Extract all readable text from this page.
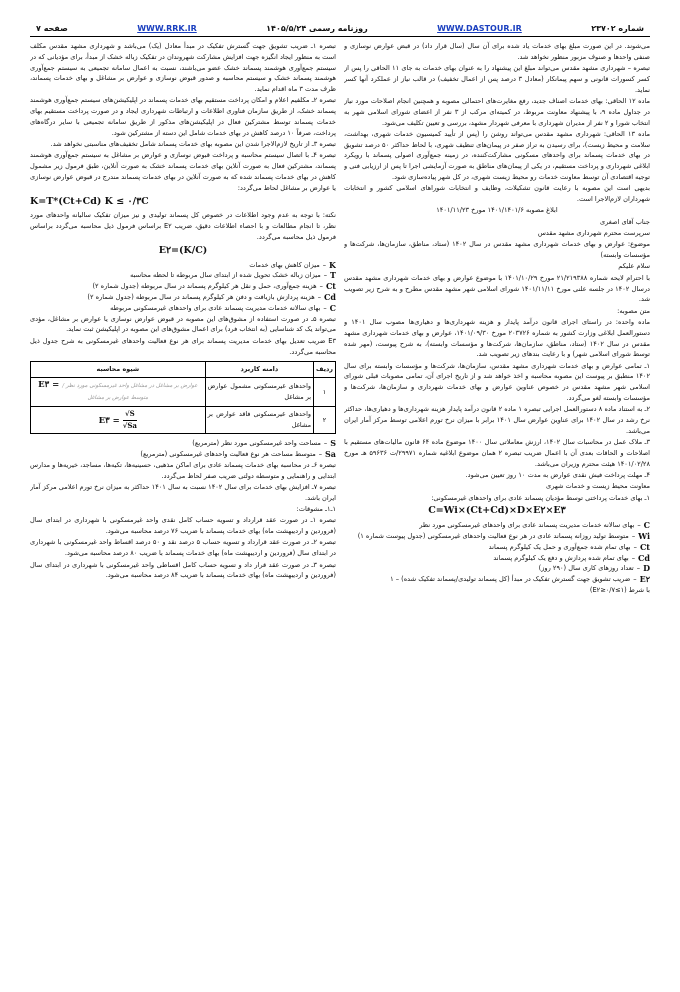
شماره ۲۳۷۰۲
WWW.DASTOUR.IR
روزنامه رسمی ۱۴۰۵/۵/۲۴
WWW.RRK.IR
صفحه ۷

می‌شوند. در این صورت مبلغ بهای خدمات یاد شده برای آن سال (سال قرار داد) در قبض عوارض نوسازی و صنفی واحدها و صنوف مزبور منظور نخواهد شد.

تبصره – شهرداری مشهد مقدس می‌تواند مبلغ این پیشنهاد را به عنوان بهای خدمات به جای ۱۱ الحاقی را پس از کسر کسورات قانونی و سهم پیمانکار (معادل ۳ درصد پس از اعمال تخفیف) در قالب نیاز از عملکرد آنها کسر نماید.

ماده ۱۲ الحاقی: بهای خدمات اصناف جدید، رفع مغایرت‌های احتمالی مصوبه و همچنین انجام اصلاحات مورد نیاز در جداول ماده ۹، با پیشنهاد معاونت مربوط، در کمیته‌ای مرکب از ۳ نفر از اعضای شورای اسلامی شهر به انتخاب شورا و ۲ نفر از مدیران شهرداری با معرفی شهردار مشهد، بررسی و تعیین تکلیف می‌شود.

ماده ۱۳ الحاقی: شهرداری مشهد مقدس می‌تواند روشن را (پس از تأیید کمیسیون خدمات شهری، بهداشت، سلامت و محیط زیست)، برای رسیدن به تراز صفر در پیمان‌های تنظیف شهری، با لحاظ حداکثر ۵۰ درصد تشویق در بهای خدمات پسماند برای واحدهای مسکونی مشارکت‌کننده، در زمینه جمع‌آوری اصولی پسماند با رویکرد ابلاغی شهرداری و پرداخت مستقیم، در یکی از پیمان‌های مناطق به صورت آزمایشی اجرا تا پس از ارزیابی فنی و توجیه اقتصادی آن توسط معاونت خدمات رو محیط زیست شهری، در کل شهر پیاده‌سازی شود.

بدیهی است این مصوبه با رعایت قانون تشکیلات، وظایف و انتخابات شوراهای اسلامی کشور و انتخابات شهرداران لازم‌الاجرا است.

ابلاغ مصوبه ۱۴۰۱/۱۴۰۱/۶ مورخ ۱۴۰۱/۱۱/۲۳

جناب آقای اصغری

سرپرست محترم شهرداری مشهد مقدس

موضوع: عوارض و بهای خدمات شهرداری مشهد مقدس در سال ۱۴۰۲ (ستاد، مناطق، سازمان‌ها، شرکت‌ها و مؤسسات وابسته)

سلام علیکم

با احترام لایحه شماره ۲۱/۲۱۹۳۸۸ مورخ ۱۴۰۱/۱۰/۲۹ با موضوع عوارض و بهای خدمات شهرداری مشهد مقدس درسال ۱۴۰۲ در جلسه علنی مورخ ۱۴۰۱/۱۱/۱۱ شورای اسلامی شهر مشهد مقدس مطرح و به شرح زیر تصویب شد.

متن مصوبه:

ماده واحده: در راستای اجرای قانون درآمد پایدار و هزینه شهرداری‌ها و دهیاری‌ها مصوب سال ۱۴۰۱ و دستورالعمل ابلاغی وزارت کشور به شماره ۲۰۳۷۲۶ مورخ ۱۴۰۱/۰۹/۳۰، عوارض و بهای خدمات شهرداری مشهد مقدس در سال ۱۴۰۲ (ستاد، مناطق، سازمان‌ها، شرکت‌ها و مؤسسات وابسته)، به شرح پیوست، (مهر شده توسط شورای اسلامی شهر) و با رعایت بندهای زیر تصویب شد.

۱ـ تمامی عوارض و بهای خدمات شهرداری مشهد مقدس، سازمان‌ها، شرکت‌ها و مؤسسات وابسته برای سال ۱۴۰۲ منطبق بر پیوست این مصوبه محاسبه و اخذ خواهد شد و از تاریخ اجرای آن، تمامی مصوبات قبلی شورای اسلامی شهر مشهد مقدس در خصوص عناوین عوارض و بهای خدمات شهرداری و سازمان‌ها، شرکت‌ها و مؤسسات وابسته لغو می‌گردد.

۲ـ به استناد ماده ۸ دستورالعمل اجرایی تبصره ۱ ماده ۲ قانون درآمد پایدار هزینه شهرداری‌ها و دهیاری‌ها، حداکثر نرخ رشد در سال ۱۴۰۲ برای عناوین عوارض سال ۱۴۰۱ برابر با میزان نرخ تورم اعلامی توسط مرکز آمار ایران می‌باشد.

۳ـ ملاک عمل در محاسبات سال ۱۴۰۲، ارزش معاملاتی سال ۱۴۰۰ موضوع ماده ۶۴ قانون مالیات‌های مستقیم با اصلاحات و الحاقات بعدی آن با اعمال ضریب تبصره ۲ همان موضوع ابلاغیه شماره ۲۹۹۷۱/ت ۵۹۶۳۶ هـ مورخ ۱۴۰۱/۰۲/۲۸ هیئت محترم وزیران می‌باشد.

۴ـ مهلت پرداخت فیش نقدی عوارض به مدت ۱۰ روز تعیین می‌شود.

معاونت محیط زیست و خدمات شهری

۱ـ بهای خدمات پرداختی توسط مؤدیان پسماند عادی برای واحدهای غیرمسکونی:

C=Wi×(Ct+Cd)×D×E۲×E۳
C
–
بهای سالانه خدمات مدیریت پسماند عادی برای واحدهای غیرمسکونی مورد نظر
Wi
–
متوسط تولید روزانه پسماند عادی در هر نوع فعالیت واحدهای غیرمسکونی (جدول پیوست شماره ۱)
Ct
–
بهای تمام شده جمع‌آوری و حمل یک کیلوگرم پسماند
Cd
–
بهای تمام شده پردازش و دفع یک کیلوگرم پسماند
D
–
تعداد روزهای کاری سال (۲۹۰ روز)
E۲
–
ضریب تشویق جهت گسترش تفکیک در مبدأ (کل پسماند تولیدی/پسماند تفکیک شده) – ۱
با شرط (۱≥E۲≥۰/۷)

تبصره ۱ـ ضریب تشویق جهت گسترش تفکیک در مبدأ معادل (یک) می‌باشد و شهرداری مشهد مقدس مکلف است به منظور ایجاد انگیزه جهت افزایش مشارکت شهروندان در تفکیک زباله خشک از مبدأ، برای مؤدیانی که در سیستم جمع‌آوری هوشمند پسماند خشک عضو می‌باشند، نسبت به اعمال سامانه تجمیعی به سیستم جمع‌آوری هوشمند پسماند خشک و سیستم محاسبه و صدور قبوض نوسازی و عوارض بر مشاغل و بهای خدمات پسماند، ظرف مدت ۳ ماه اقدام نماید.

تبصره ۲ـ مکلفیم اعلام و امکان پرداخت مستقیم بهای خدمات پسماند در اپلیکیشن‌های سیستم جمع‌آوری هوشمند پسماند خشک، از طریق سازمان فناوری اطلاعات و ارتباطات شهرداری ایجاد و در صورت پرداخت مستقیم بهای خدمات پسماند توسط مشترکین فعال در اپلیکیشن‌های مذکور از طریق سامانه تجمیعی با سایر درگاه‌های پرداخت، صرفاً ۱۰ درصد کاهش در بهای خدمات شامل این دسته از مشترکین شود.

تبصره ۳ـ از تاریخ لازم‌الاجرا شدن این مصوبه بهای خدمات پسماند شامل تخفیف‌های مناسبتی نخواهد شد.

تبصره ۴ـ با اتصال سیستم محاسبه و پرداخت قبوض نوسازی و عوارض بر مشاغل به سیستم جمع‌آوری هوشمند پسماند، مشترکین فعال به صورت آنلاین بهای خدمات پسماند خشک به صورت آنلاین، طبق فرمول زیر مشمول کاهش در بهای خدمات پسماند شده که به صورت آنلاین در بهای خدمات پسماند مندرج در قبوض عوارض نوسازی یا عوارض بر مشاغل لحاظ می‌گردد:

K=T*(Ct+Cd) K ≤ ۰/۳C

نکته: با توجه به عدم وجود اطلاعات در خصوص کل پسماند تولیدی و نیز میزان تفکیک سالیانه واحدهای مورد نظر، تا انجام مطالعات و با احصاء اطلاعات دقیق، ضریب E۲ براساس فرمول ذیل محاسبه می‌گردد براساس فرمول ذیل محاسبه می‌گردد.

E۲=(K/C)
K
–
میزان کاهش بهای خدمات
T
–
میزان زباله خشک تحویل شده از ابتدای سال مربوطه تا لحظه محاسبه
Ct
–
هزینه جمع‌آوری، حمل و نقل هر کیلوگرم پسماند در سال مربوطه (جدول شماره ۲)
Cd
–
هزینه پردازش بازیافت و دفن هر کیلوگرم پسماند در سال مربوطه (جدول شماره ۲)
C
–
بهای سالانه خدمات مدیریت پسماند عادی برای واحدهای غیرمسکونی مربوطه

تبصره ۵ـ در صورت استفاده از مشوق‌های این مصوبه در قبوض عوارض نوسازی یا عوارض بر مشاغل، مؤدی می‌تواند یک کد شناسایی (به انتخاب فرد) برای اعمال مشوق‌های این مصوبه در اپلیکیشن ثبت نماید.

E۳ ضریب تعدیل بهای خدمات مدیریت پسماند برای هر نوع فعالیت واحدهای غیرمسکونی به شرح جدول ذیل محاسبه می‌گردد.

ردیف	دامنه کاربرد	شیوه محاسبه
۱	واحدهای غیرمسکونی مشمول عوارض بر مشاغل	E۳ = عوارض بر مشاغل در مشاغل واحد غیرمسکونی مورد نظر / متوسط عوارض بر مشاغل
۲	واحدهای غیرمسکونی فاقد عوارض بر مشاغل	E۳ = $\frac{√S}{√Sa}$
S
–
مساحت واحد غیرمسکونی مورد نظر (مترمربع)
Sa
–
متوسط مساحت هر نوع فعالیت واحدهای غیرمسکونی (مترمربع)

تبصره ۶ـ در محاسبه بهای خدمات پسماند عادی برای اماکن مذهبی، حسینیه‌ها، تکیه‌ها، مساجد، خیریه‌ها و مدارس ابتدایی و راهنمایی و متوسطه دولتی ضریب صفر لحاظ می‌گردد.

تبصره ۷ـ افزایش بهای خدمات برای سال ۱۴۰۲ نسبت به سال ۱۴۰۱ حداکثر به میزان نرخ تورم اعلامی مرکز آمار ایران باشد.

۱ـ۱ـ مشوقات:

تبصره ۱ـ در صورت عقد قرارداد و تسویه حساب کامل نقدی واحد غیرمسکونی با شهرداری در ابتدای سال (فروردین و اردیبهشت ماه) بهای خدمات پسماند با ضریب ۷۶ درصد محاسبه می‌شود.

تبصره ۲ـ در صورت عقد قرارداد و تسویه حساب ۵ درصد نقد و ۵۰ درصد اقساط واحد غیرمسکونی با شهرداری در ابتدای سال (فروردین و اردیبهشت ماه) بهای خدمات پسماند با ضریب ۸۰ درصد محاسبه می‌شود.

تبصره ۳ـ در صورت عقد قرار داد و تسویه حساب کامل اقساطی واحد غیرمسکونی با شهرداری در ابتدای سال (فروردین و اردیبهشت ماه) بهای خدمات پسماند با ضریب ۸۴ درصد محاسبه می‌شود.
